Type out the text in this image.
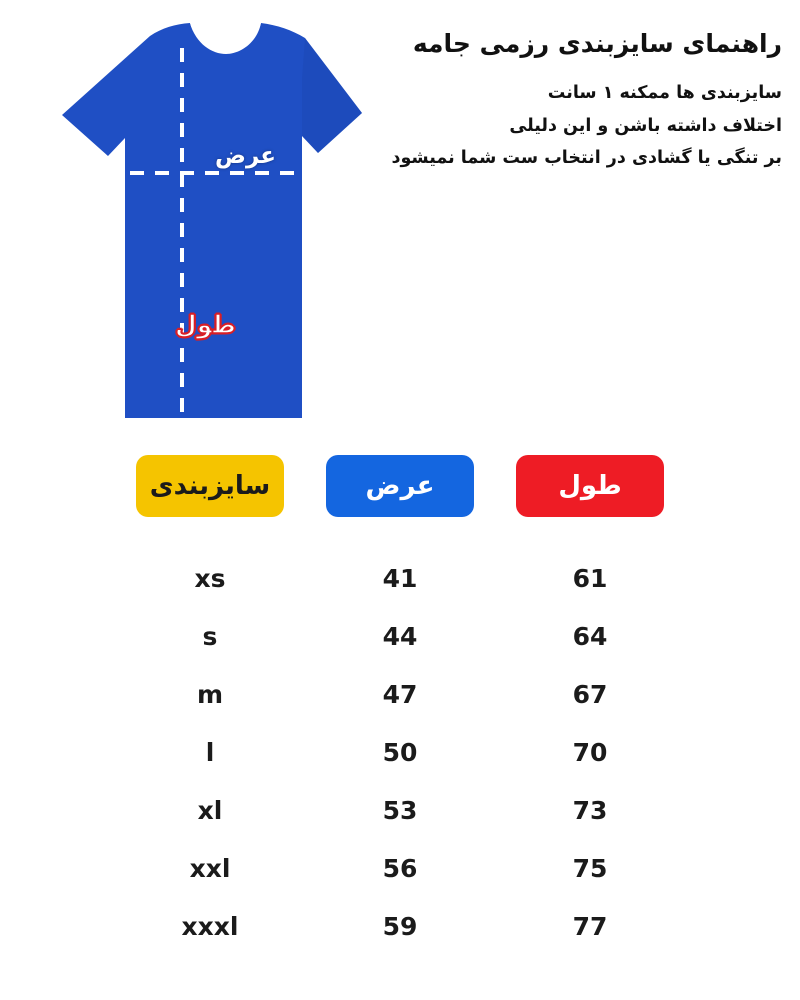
راهنمای سایزبندی رزمی جامه
سایزبندی ها ممکنه ۱ سانت
اختلاف داشته باشن و این دلیلی
بر تنگی یا گشادی در انتخاب ست شما نمیشود
عرض
طول
طول
عرض
سایزبندی
61
41
xs
64
44
s
67
47
m
70
50
l
73
53
xl
75
56
xxl
77
59
xxxl
